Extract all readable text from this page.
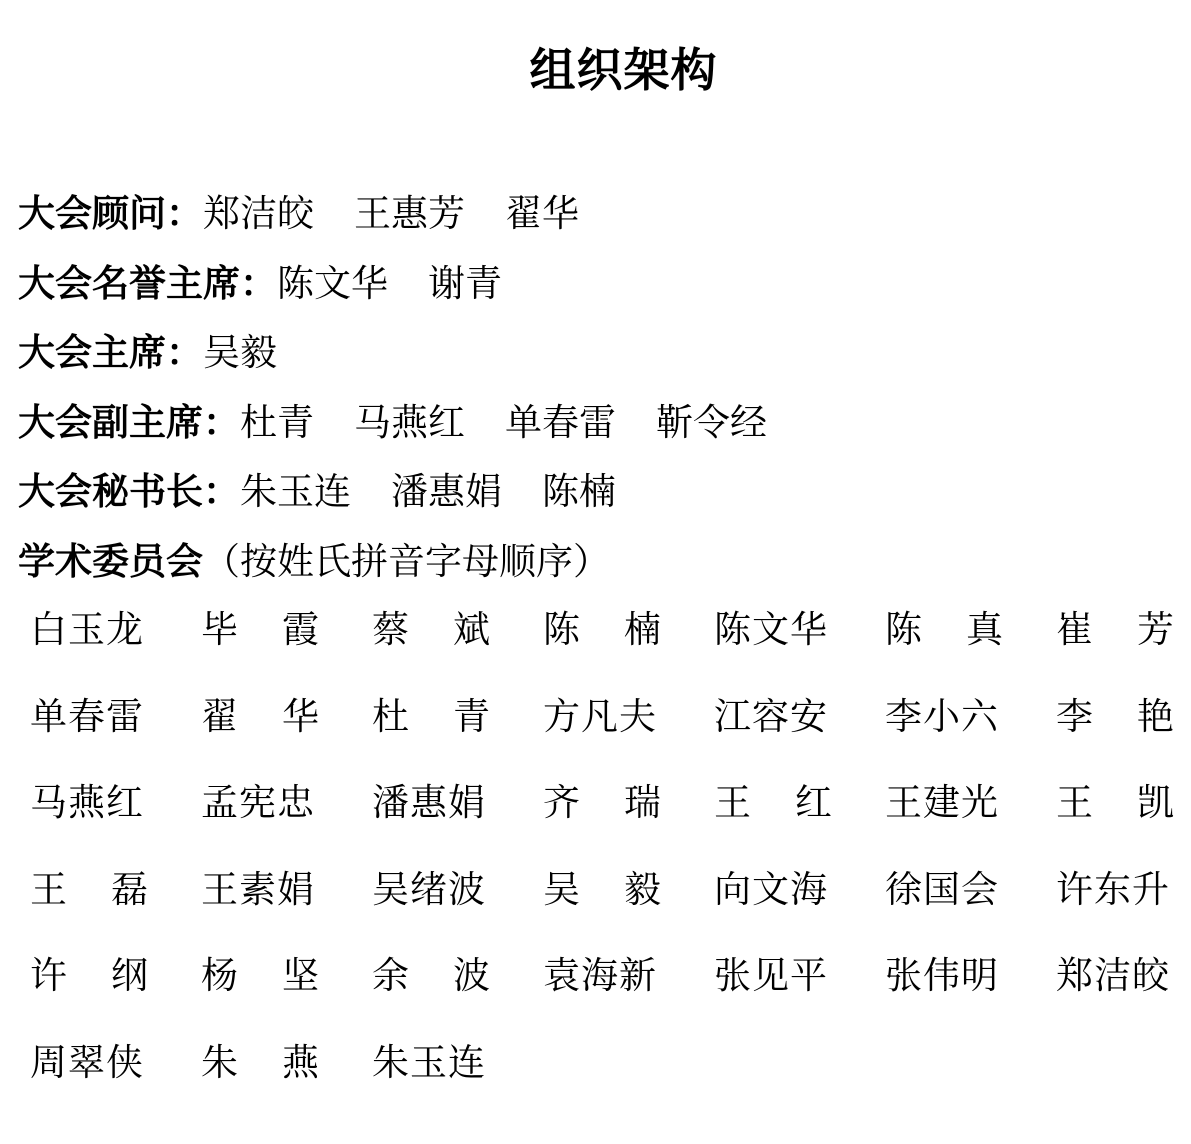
组织架构
大会顾问：郑洁皎 王惠芳 翟华
大会名誉主席：陈文华 谢青
大会主席：吴毅
大会副主席：杜青 马燕红 单春雷 靳令经
大会秘书长：朱玉连 潘惠娟 陈楠
学术委员会（按姓氏拼音字母顺序）
白玉龙 毕 霞 蔡 斌 陈 楠 陈文华 陈 真 崔 芳
单春雷 翟 华 杜 青 方凡夫 江容安 李小六 李 艳
马燕红 孟宪忠 潘惠娟 齐 瑞 王 红 王建光 王 凯
王 磊 王素娟 吴绪波 吴 毅 向文海 徐国会 许东升
许 纲 杨 坚 余 波 袁海新 张见平 张伟明 郑洁皎
周翠侠 朱 燕 朱玉连
